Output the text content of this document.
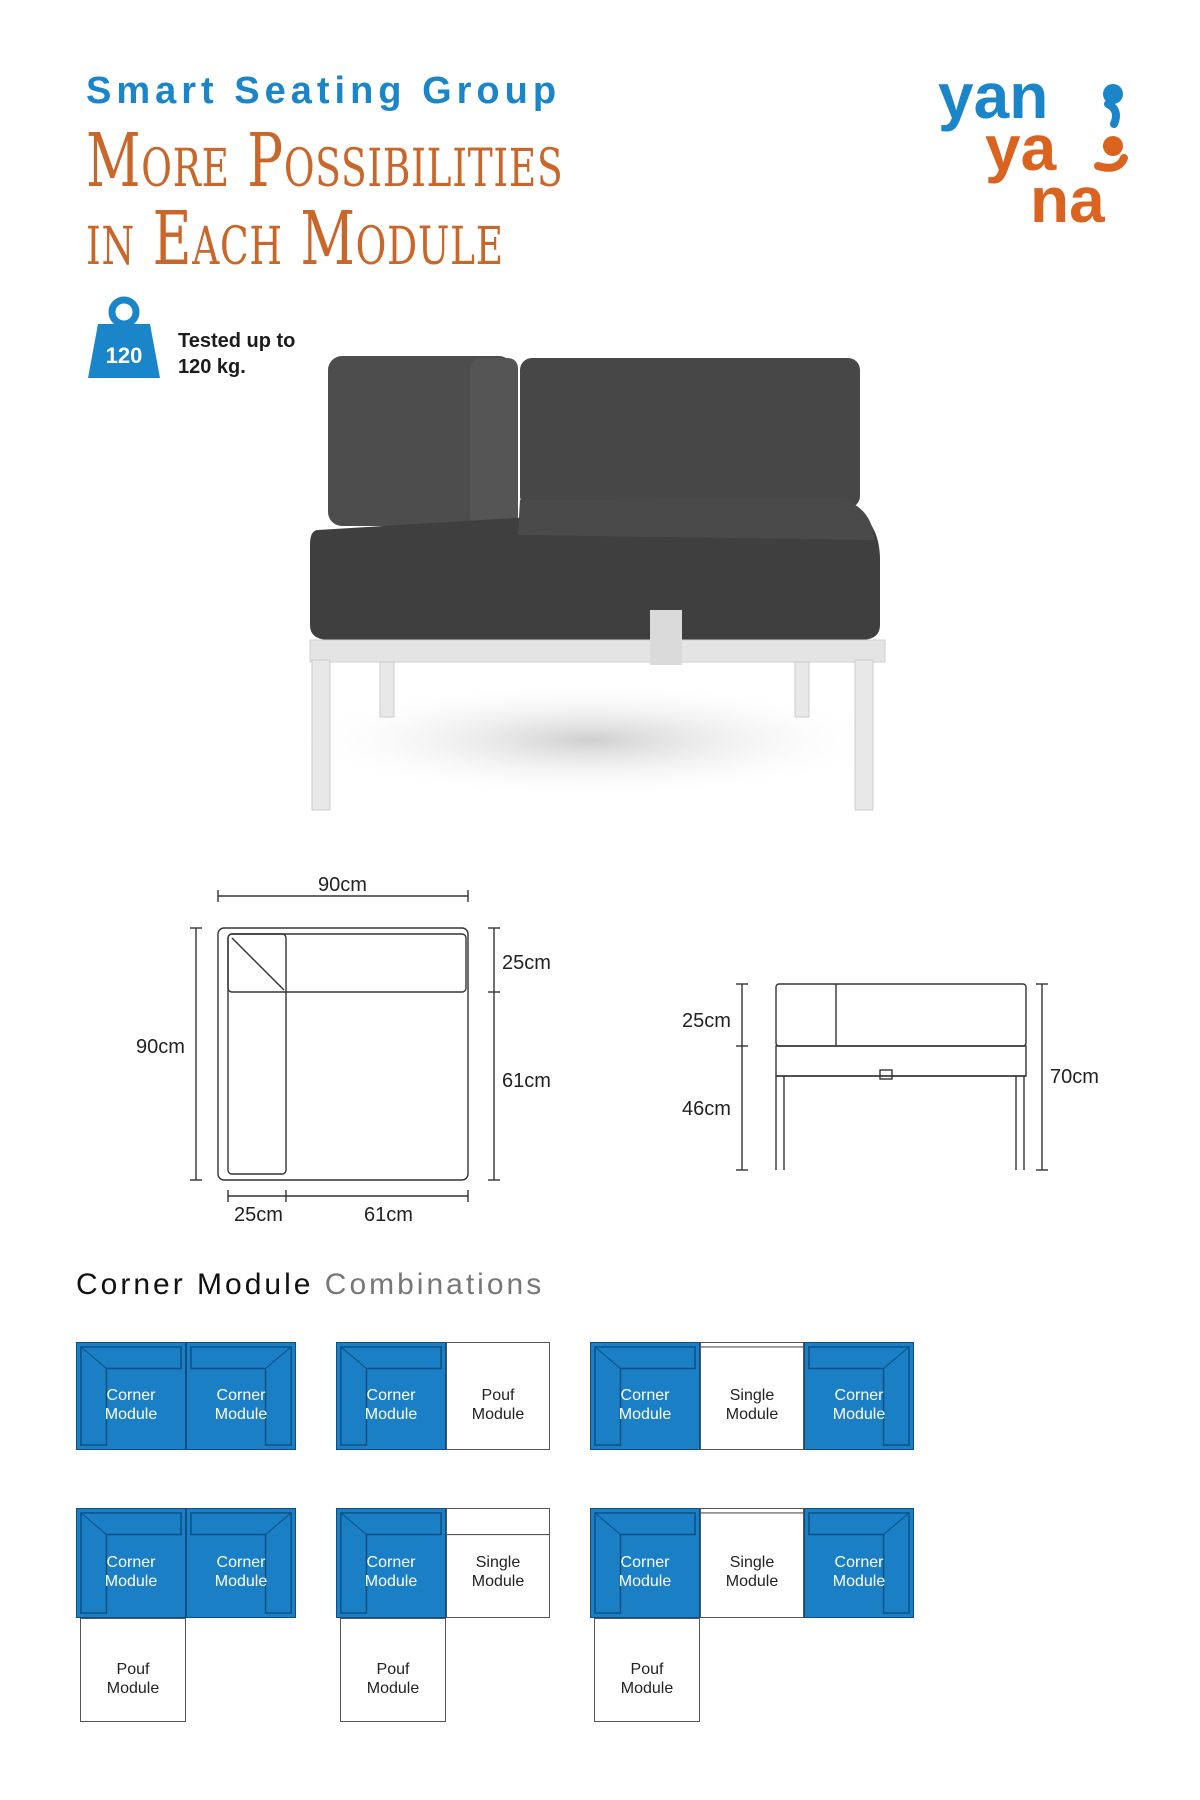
Smart Seating Group
More Possibilities
in Each Module
yan
ya
na
120
Tested up to
120 kg.
90cm
90cm
25cm
61cm
25cm	61cm
25cm
46cm
70cm
Corner Module Combinations
Corner
Module
Corner
Module
Corner
Module
Pouf
Module
Corner
Module
Single
Module
Corner
Module
Corner
Module
Corner
Module
Pouf
Module
Corner
Module
Single
Module
Pouf
Module
Corner
Module
Single
Module
Corner
Module
Pouf
Module
